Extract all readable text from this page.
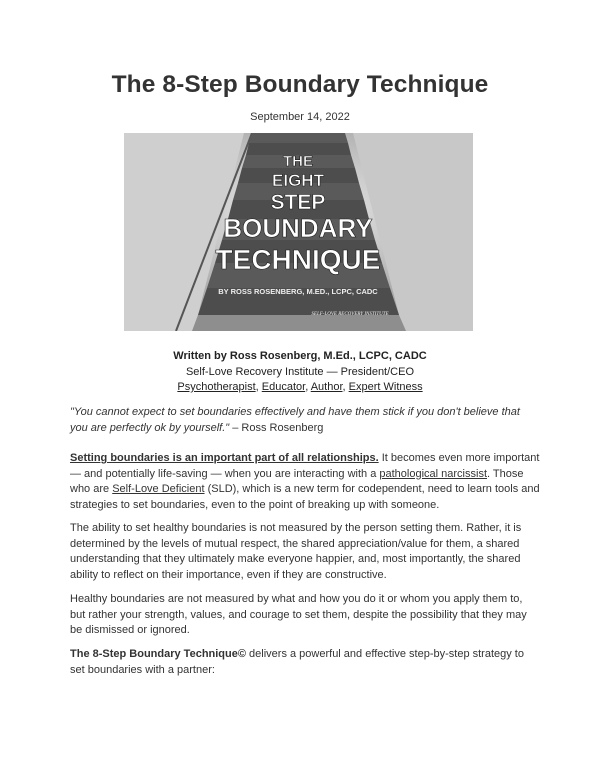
The 8-Step Boundary Technique
September 14, 2022
THE
EIGHT
STEP
BOUNDARY
TECHNIQUE
BY ROSS ROSENBERG, M.ED., LCPC, CADC
SELF-LOVE RECOVERY INSTITUTE
Written by Ross Rosenberg, M.Ed., LCPC, CADC
Self-Love Recovery Institute — President/CEO
Psychotherapist, Educator, Author, Expert Witness
"You cannot expect to set boundaries effectively and have them stick if you don't believe that you are perfectly ok by yourself." – Ross Rosenberg
Setting boundaries is an important part of all relationships. It becomes even more important — and potentially life-saving — when you are interacting with a pathological narcissist. Those who are Self-Love Deficient (SLD), which is a new term for codependent, need to learn tools and strategies to set boundaries, even to the point of breaking up with someone.
The ability to set healthy boundaries is not measured by the person setting them. Rather, it is determined by the levels of mutual respect, the shared appreciation/value for them, a shared understanding that they ultimately make everyone happier, and, most importantly, the shared ability to reflect on their importance, even if they are constructive.
Healthy boundaries are not measured by what and how you do it or whom you apply them to, but rather your strength, values, and courage to set them, despite the possibility that they may be dismissed or ignored.
The 8-Step Boundary Technique© delivers a powerful and effective step-by-step strategy to set boundaries with a partner:
